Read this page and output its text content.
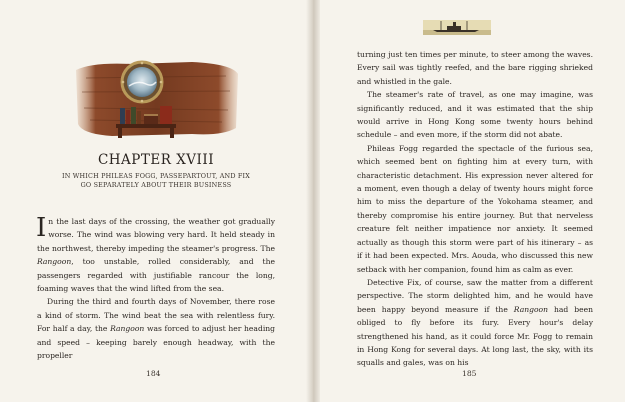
CHAPTER XVIII
IN WHICH PHILEAS FOGG, PASSEPARTOUT, AND FIX GO SEPARATELY ABOUT THEIR BUSINESS

In the last days of the crossing, the weather got gradually worse. The wind was blowing very hard. It held steady in the northwest, thereby impeding the steamer's progress. The Rangoon, too unstable, rolled considerably, and the passengers regarded with justifiable rancour the long, foaming waves that the wind lifted from the sea.

During the third and fourth days of November, there rose a kind of storm. The wind beat the sea with relentless fury. For half a day, the Rangoon was forced to adjust her heading and speed – keeping barely enough headway, with the propeller

184

turning just ten times per minute, to steer among the waves. Every sail was tightly reefed, and the bare rigging shrieked and whistled in the gale.

The steamer's rate of travel, as one may imagine, was significantly reduced, and it was estimated that the ship would arrive in Hong Kong some twenty hours behind schedule – and even more, if the storm did not abate.

Phileas Fogg regarded the spectacle of the furious sea, which seemed bent on fighting him at every turn, with characteristic detachment. His expression never altered for a moment, even though a delay of twenty hours might force him to miss the departure of the Yokohama steamer, and thereby compromise his entire journey. But that nerveless creature felt neither impatience nor anxiety. It seemed actually as though this storm were part of his itinerary – as if it had been expected. Mrs. Aouda, who discussed this new setback with her companion, found him as calm as ever.

Detective Fix, of course, saw the matter from a different perspective. The storm delighted him, and he would have been happy beyond measure if the Rangoon had been obliged to fly before its fury. Every hour's delay strengthened his hand, as it could force Mr. Fogg to remain in Hong Kong for several days. At long last, the sky, with its squalls and gales, was on his

185
